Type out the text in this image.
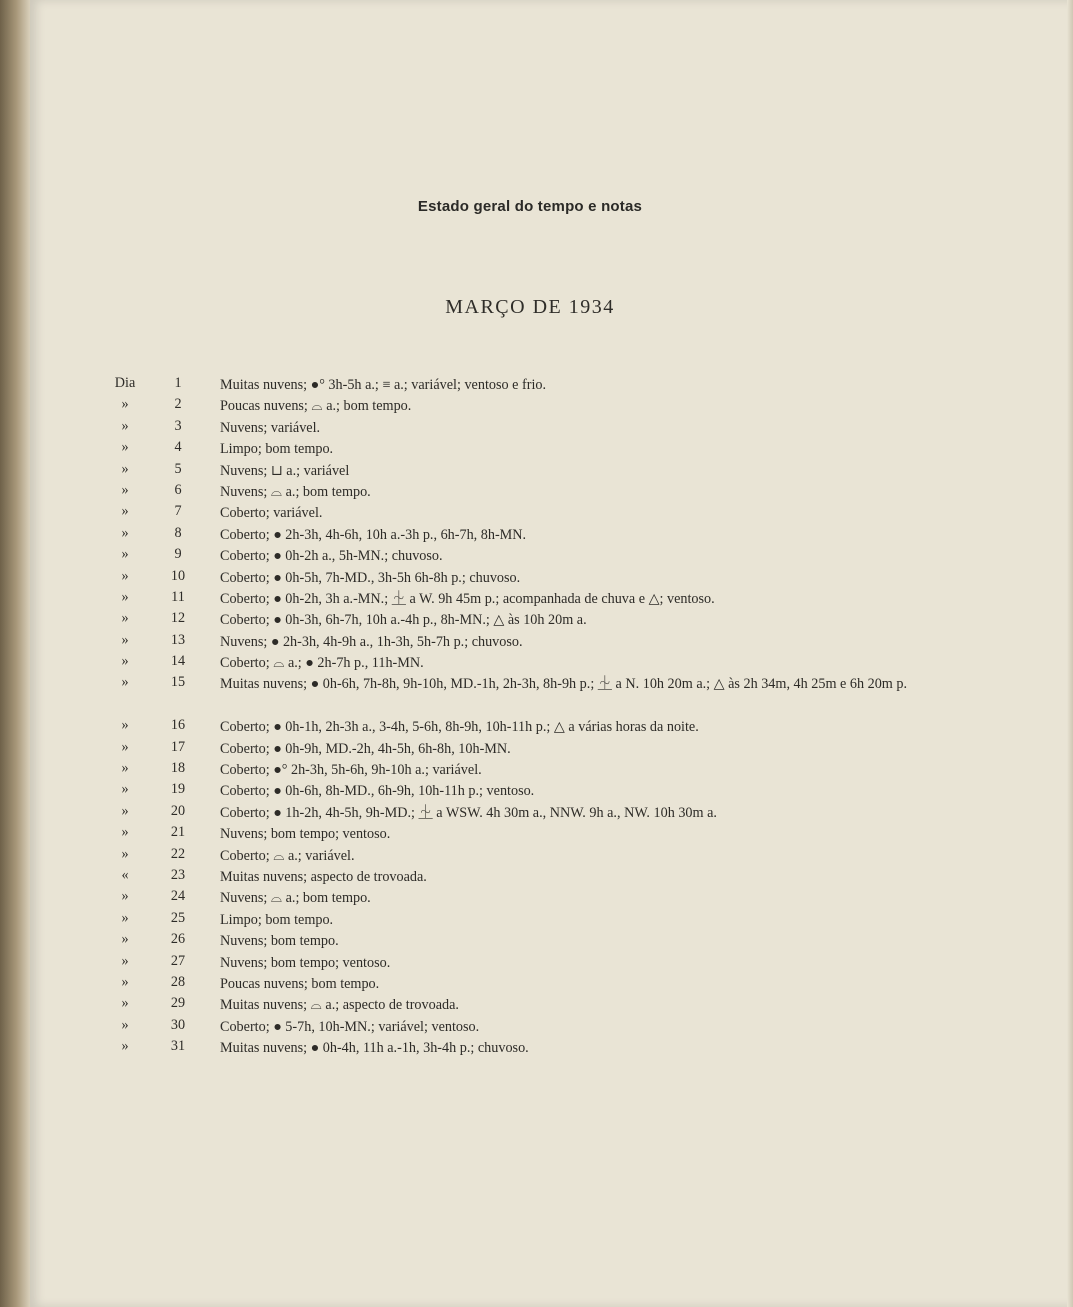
Estado geral do tempo e notas
MARÇO DE 1934
Dia	1	Muitas nuvens; ●° 3h-5h a.; ≡ a.; variável; ventoso e frio.
»	2	Poucas nuvens; ⌓ a.; bom tempo.
»	3	Nuvens; variável.
»	4	Limpo; bom tempo.
»	5	Nuvens; ⊔ a.; variável
»	6	Nuvens; ⌓ a.; bom tempo.
»	7	Coberto; variável.
»	8	Coberto; ● 2h-3h, 4h-6h, 10h a.-3h p., 6h-7h, 8h-MN.
»	9	Coberto; ● 0h-2h a., 5h-MN.; chuvoso.
»	10	Coberto; ● 0h-5h, 7h-MD., 3h-5h 6h-8h p.; chuvoso.
»	11	Coberto; ● 0h-2h, 3h a.-MN.; ⏈ a W. 9h 45m p.; acompanhada de chuva e △; ventoso.
»	12	Coberto; ● 0h-3h, 6h-7h, 10h a.-4h p., 8h-MN.; △ às 10h 20m a.
»	13	Nuvens; ● 2h-3h, 4h-9h a., 1h-3h, 5h-7h p.; chuvoso.
»	14	Coberto; ⌓ a.; ● 2h-7h p., 11h-MN.
»	15	Muitas nuvens; ● 0h-6h, 7h-8h, 9h-10h, MD.-1h, 2h-3h, 8h-9h p.; ⏈ a N. 10h 20m a.; △ às 2h 34m, 4h 25m e 6h 20m p.
»	16	Coberto; ● 0h-1h, 2h-3h a., 3-4h, 5-6h, 8h-9h, 10h-11h p.; △ a várias horas da noite.
»	17	Coberto; ● 0h-9h, MD.-2h, 4h-5h, 6h-8h, 10h-MN.
»	18	Coberto; ●° 2h-3h, 5h-6h, 9h-10h a.; variável.
»	19	Coberto; ● 0h-6h, 8h-MD., 6h-9h, 10h-11h p.; ventoso.
»	20	Coberto; ● 1h-2h, 4h-5h, 9h-MD.; ⏈ a WSW. 4h 30m a., NNW. 9h a., NW. 10h 30m a.
»	21	Nuvens; bom tempo; ventoso.
»	22	Coberto; ⌓ a.; variável.
«	23	Muitas nuvens; aspecto de trovoada.
»	24	Nuvens; ⌓ a.; bom tempo.
»	25	Limpo; bom tempo.
»	26	Nuvens; bom tempo.
»	27	Nuvens; bom tempo; ventoso.
»	28	Poucas nuvens; bom tempo.
»	29	Muitas nuvens; ⌓ a.; aspecto de trovoada.
»	30	Coberto; ● 5-7h, 10h-MN.; variável; ventoso.
»	31	Muitas nuvens; ● 0h-4h, 11h a.-1h, 3h-4h p.; chuvoso.
